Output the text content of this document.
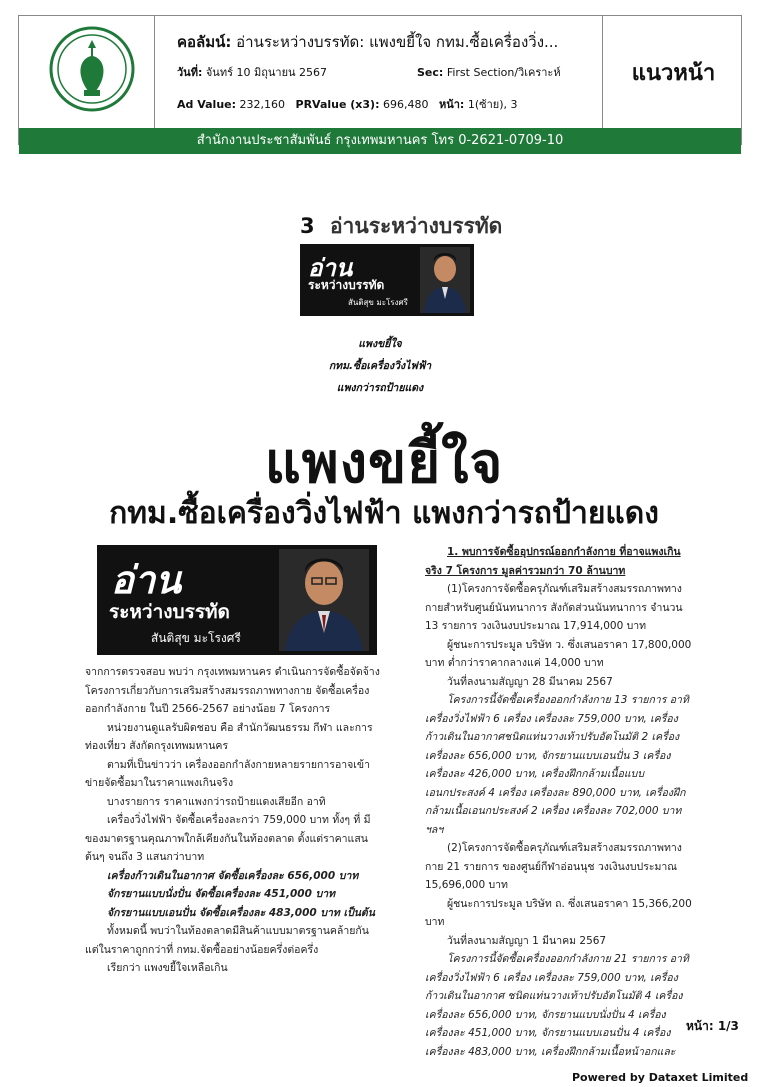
คอลัมน์: อ่านระหว่างบรรทัด: แพงขยี้ใจ กทม.ซื้อเครื่องวิ่ง...
วันที่: จันทร์ 10 มิถุนายน 2567	Sec: First Section/วิเคราะห์
Ad Value: 232,160 PRValue (x3): 696,480 หน้า: 1(ซ้าย), 3
แนวหน้า
สำนักงานประชาสัมพันธ์ กรุงเทพมหานคร โทร 0-2621-0709-10
3 อ่านระหว่างบรรทัด
อ่าน
ระหว่างบรรทัด
สันติสุข มะโรงศรี
แพงขยี้ใจ
กทม.ซื้อเครื่องวิ่งไฟฟ้า
แพงกว่ารถป้ายแดง
แพงขยี้ใจ
กทม.ซื้อเครื่องวิ่งไฟฟ้า แพงกว่ารถป้ายแดง
อ่าน
ระหว่างบรรทัด
สันติสุข มะโรงศรี

จากการตรวจสอบ พบว่า กรุงเทพมหานคร ดำเนินการจัดซื้อจัดจ้างโครงการเกี่ยวกับการเสริมสร้างสมรรถภาพทางกาย จัดซื้อเครื่องออกกำลังกาย ในปี 2566-2567 อย่างน้อย 7 โครงการ

หน่วยงานดูแลรับผิดชอบ คือ สำนักวัฒนธรรม กีฬา และการท่องเที่ยว สังกัดกรุงเทพมหานคร

ตามที่เป็นข่าวว่า เครื่องออกกำลังกายหลายรายการอาจเข้าข่ายจัดซื้อมาในราคาแพงเกินจริง

บางรายการ ราคาแพงกว่ารถป้ายแดงเสียอีก อาทิ

เครื่องวิ่งไฟฟ้า จัดซื้อเครื่องละกว่า 759,000 บาท ทั้งๆ ที่ มีของมาตรฐานคุณภาพใกล้เคียงกันในท้องตลาด ตั้งแต่ราคาแสนต้นๆ จนถึง 3 แสนกว่าบาท

เครื่องก้าวเดินในอากาศ จัดซื้อเครื่องละ 656,000 บาท

จักรยานแบบนั่งปั่น จัดซื้อเครื่องละ 451,000 บาท

จักรยานแบบเอนปั่น จัดซื้อเครื่องละ 483,000 บาท เป็นต้น

ทั้งหมดนี้ พบว่าในท้องตลาดมีสินค้าแบบมาตรฐานคล้ายกัน แต่ในราคาถูกกว่าที่ กทม.จัดซื้ออย่างน้อยครึ่งต่อครึ่ง

เรียกว่า แพงขยี้ใจเหลือเกิน

1. พบการจัดซื้ออุปกรณ์ออกกำลังกาย ที่อาจแพงเกินจริง 7 โครงการ มูลค่ารวมกว่า 70 ล้านบาท

(1)โครงการจัดซื้อครุภัณฑ์เสริมสร้างสมรรถภาพทางกายสำหรับศูนย์นันทนาการ สังกัดส่วนนันทนาการ จำนวน 13 รายการ วงเงินงบประมาณ 17,914,000 บาท

ผู้ชนะการประมูล บริษัท ว. ซึ่งเสนอราคา 17,800,000 บาท ต่ำกว่าราคากลางแค่ 14,000 บาท

วันที่ลงนามสัญญา 28 มีนาคม 2567

โครงการนี้จัดซื้อเครื่องออกกำลังกาย 13 รายการ อาทิ เครื่องวิ่งไฟฟ้า 6 เครื่อง เครื่องละ 759,000 บาท, เครื่องก้าวเดินในอากาศชนิดแท่นวางเท้าปรับอัตโนมัติ 2 เครื่อง เครื่องละ 656,000 บาท, จักรยานแบบเอนปั่น 3 เครื่อง เครื่องละ 426,000 บาท, เครื่องฝึกกล้ามเนื้อแบบเอนกประสงค์ 4 เครื่อง เครื่องละ 890,000 บาท, เครื่องฝึกกล้ามเนื้อเอนกประสงค์ 2 เครื่อง เครื่องละ 702,000 บาท ฯลฯ

(2)โครงการจัดซื้อครุภัณฑ์เสริมสร้างสมรรถภาพทางกาย 21 รายการ ของศูนย์กีฬาอ่อนนุช วงเงินงบประมาณ 15,696,000 บาท

ผู้ชนะการประมูล บริษัท ถ. ซึ่งเสนอราคา 15,366,200 บาท

วันที่ลงนามสัญญา 1 มีนาคม 2567

โครงการนี้จัดซื้อเครื่องออกกำลังกาย 21 รายการ อาทิ เครื่องวิ่งไฟฟ้า 6 เครื่อง เครื่องละ 759,000 บาท, เครื่องก้าวเดินในอากาศ ชนิดแท่นวางเท้าปรับอัตโนมัติ 4 เครื่อง เครื่องละ 656,000 บาท, จักรยานแบบนั่งปั่น 4 เครื่อง เครื่องละ 451,000 บาท, จักรยานแบบเอนปั่น 4 เครื่อง เครื่องละ 483,000 บาท, เครื่องฝึกกล้ามเนื้อหน้าอกและ

หน้า: 1/3
Powered by Dataxet Limited
